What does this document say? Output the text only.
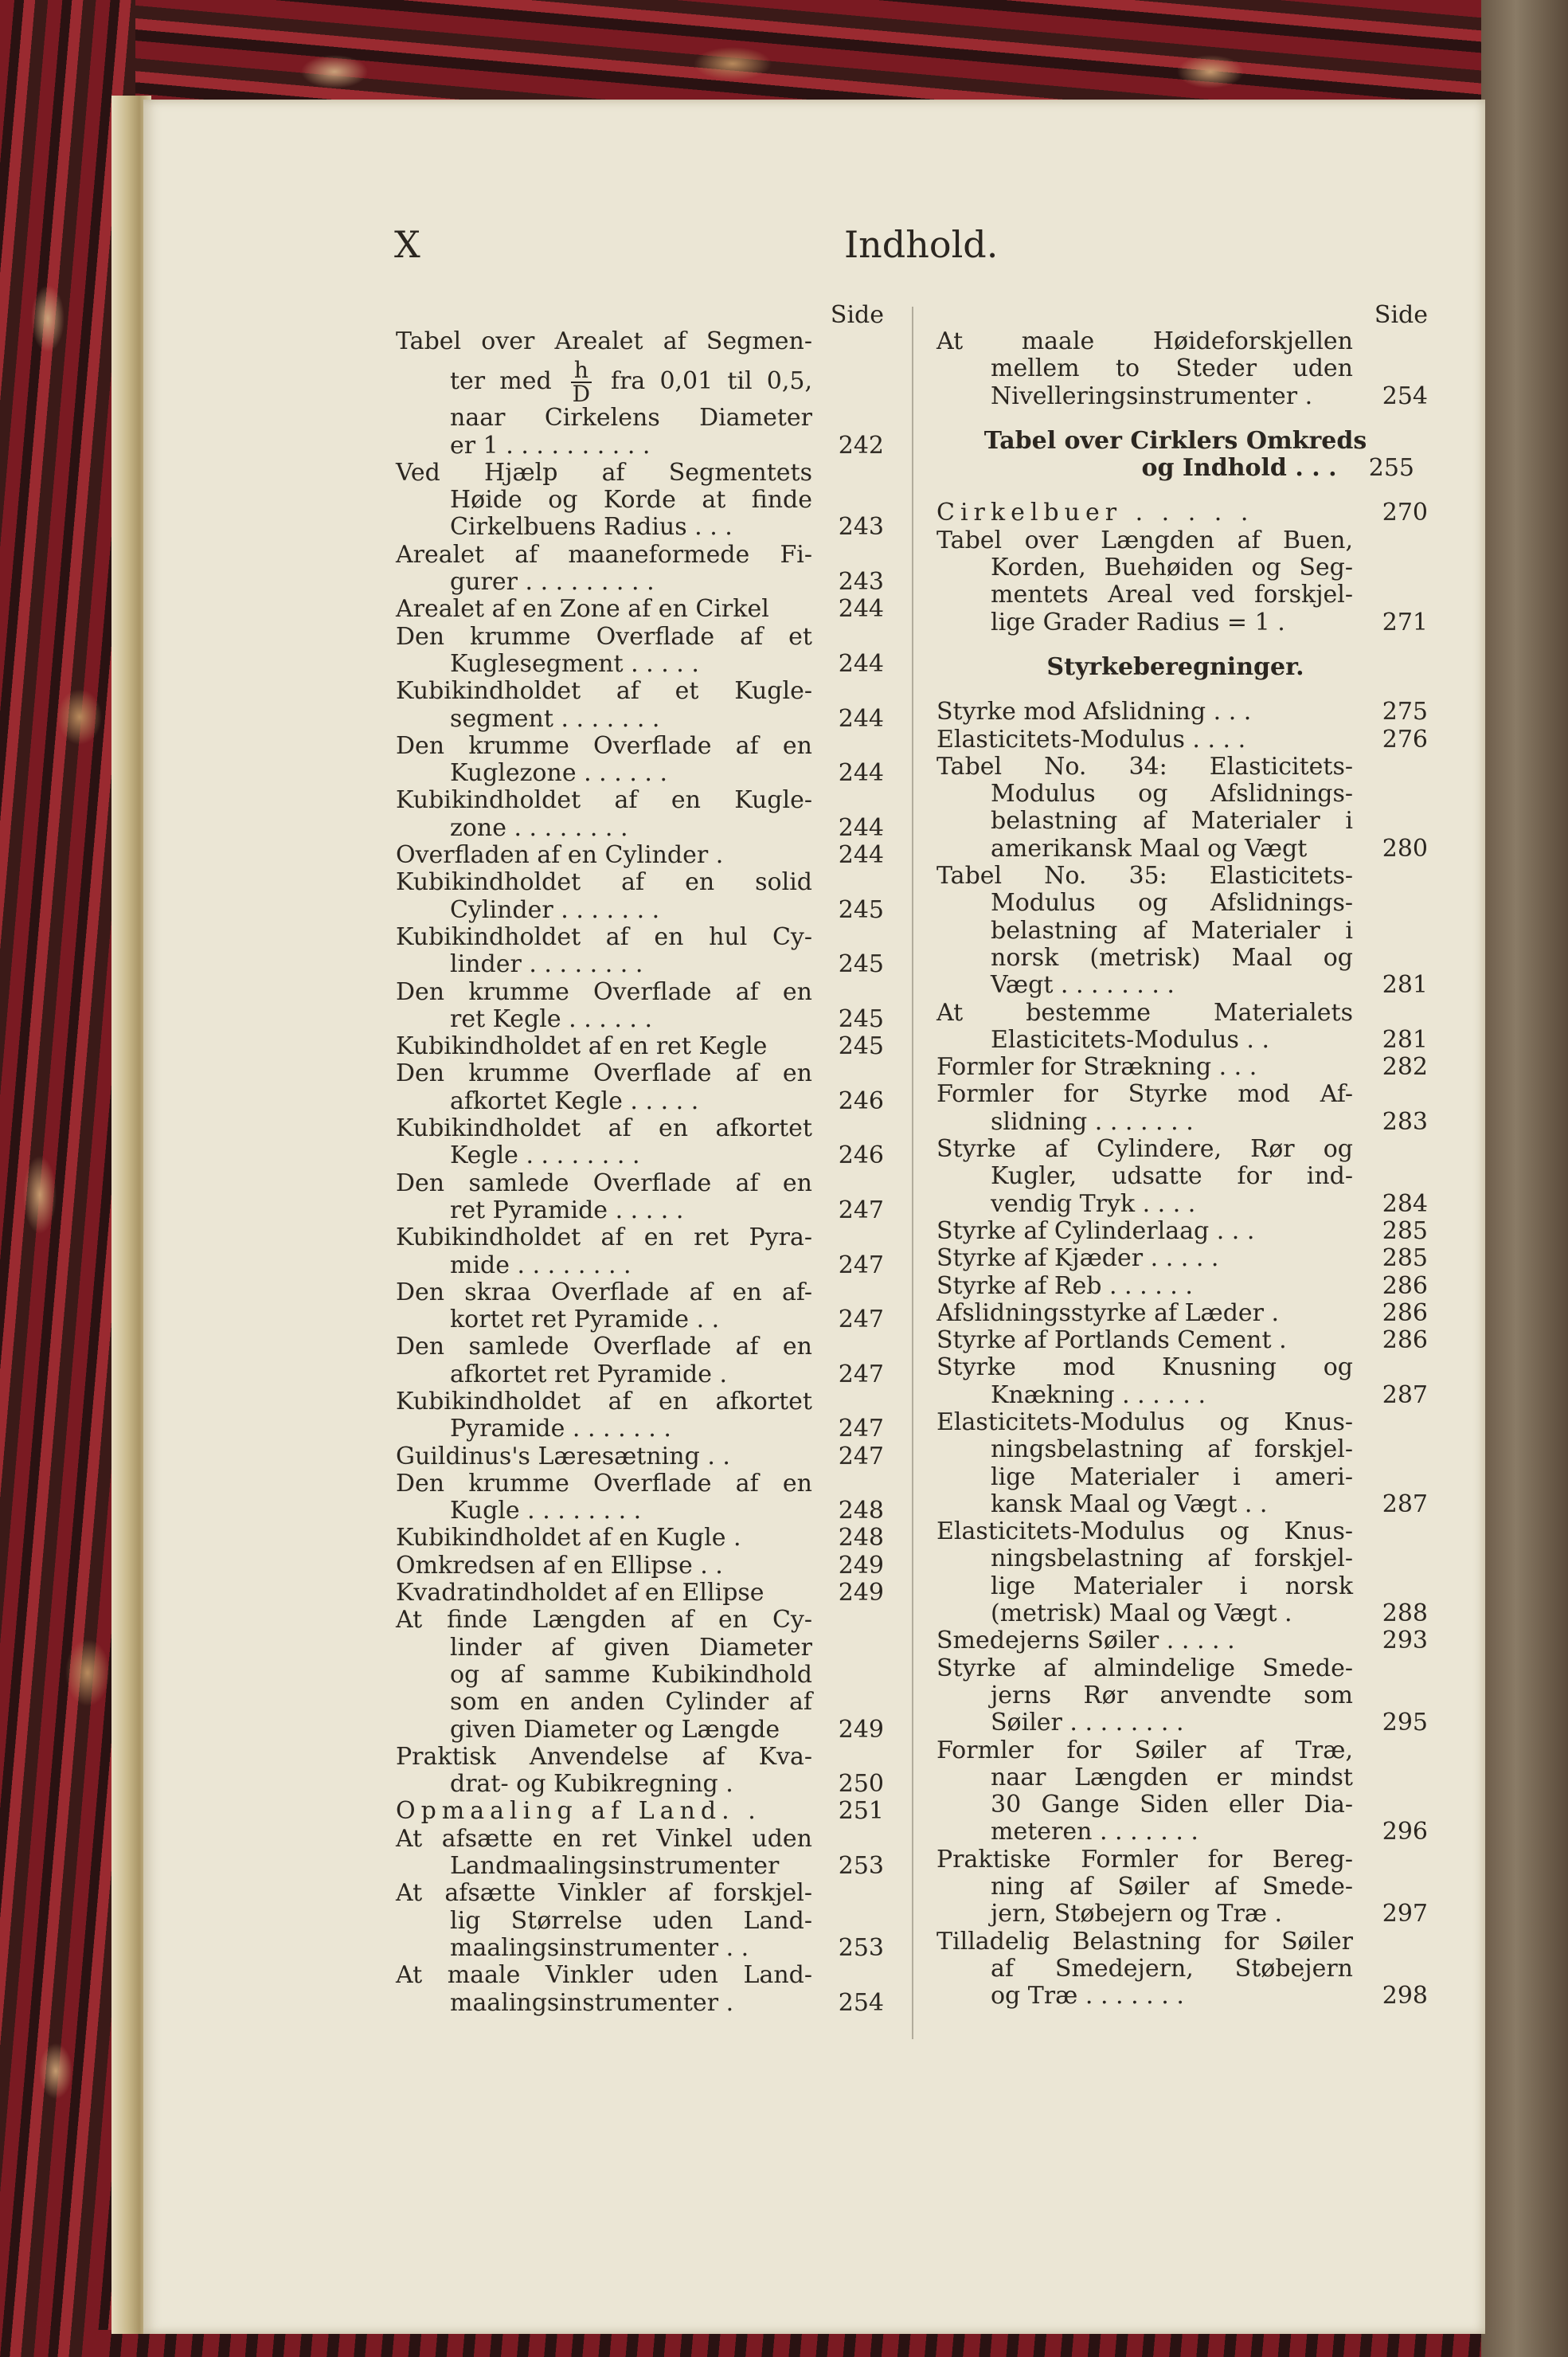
X	Indhold.
Side	Side
Tabel over Arealet af Segmen-
ter med $\frac{h}{D}$ fra 0,01 til 0,5,
naar Cirkelens Diameter
er 1 . . . . . . . . . .	242
Ved Hjælp af Segmentets
Høide og Korde at finde
Cirkelbuens Radius . . .	243
Arealet af maaneformede Fi-
gurer . . . . . . . . .	243
Arealet af en Zone af en Cirkel	244
Den krumme Overflade af et
Kuglesegment . . . . .	244
Kubikindholdet af et Kugle-
segment . . . . . . .	244
Den krumme Overflade af en
Kuglezone . . . . . .	244
Kubikindholdet af en Kugle-
zone . . . . . . . .	244
Overfladen af en Cylinder .	244
Kubikindholdet af en solid
Cylinder . . . . . . .	245
Kubikindholdet af en hul Cy-
linder . . . . . . . .	245
Den krumme Overflade af en
ret Kegle . . . . . .	245
Kubikindholdet af en ret Kegle	245
Den krumme Overflade af en
afkortet Kegle . . . . .	246
Kubikindholdet af en afkortet
Kegle . . . . . . . .	246
Den samlede Overflade af en
ret Pyramide . . . . .	247
Kubikindholdet af en ret Pyra-
mide . . . . . . . .	247
Den skraa Overflade af en af-
kortet ret Pyramide . .	247
Den samlede Overflade af en
afkortet ret Pyramide .	247
Kubikindholdet af en afkortet
Pyramide . . . . . . .	247
Guildinus's Læresætning . .	247
Den krumme Overflade af en
Kugle . . . . . . . .	248
Kubikindholdet af en Kugle .	248
Omkredsen af en Ellipse . .	249
Kvadratindholdet af en Ellipse	249
At finde Længden af en Cy-
linder af given Diameter
og af samme Kubikindhold
som en anden Cylinder af
given Diameter og Længde	249
Praktisk Anvendelse af Kva-
drat- og Kubikregning .	250
Opmaaling af Land. .	251
At afsætte en ret Vinkel uden
Landmaalingsinstrumenter	253
At afsætte Vinkler af forskjel-
lig Størrelse uden Land-
maalingsinstrumenter . .	253
At maale Vinkler uden Land-
maalingsinstrumenter .	254
At maale Høideforskjellen
mellem to Steder uden
Nivelleringsinstrumenter .	254
Tabel over Cirklers Omkreds
og Indhold . . .	255
Cirkelbuer . . . . .	270
Tabel over Længden af Buen,
Korden, Buehøiden og Seg-
mentets Areal ved forskjel-
lige Grader Radius = 1 .	271
Styrkeberegninger.
Styrke mod Afslidning . . .	275
Elasticitets-Modulus . . . .	276
Tabel No. 34: Elasticitets-
Modulus og Afslidnings-
belastning af Materialer i
amerikansk Maal og Vægt	280
Tabel No. 35: Elasticitets-
Modulus og Afslidnings-
belastning af Materialer i
norsk (metrisk) Maal og
Vægt . . . . . . . .	281
At bestemme Materialets
Elasticitets-Modulus . .	281
Formler for Strækning . . .	282
Formler for Styrke mod Af-
slidning . . . . . . .	283
Styrke af Cylindere, Rør og
Kugler, udsatte for ind-
vendig Tryk . . . .	284
Styrke af Cylinderlaag . . .	285
Styrke af Kjæder . . . . .	285
Styrke af Reb . . . . . .	286
Afslidningsstyrke af Læder .	286
Styrke af Portlands Cement .	286
Styrke mod Knusning og
Knækning . . . . . .	287
Elasticitets-Modulus og Knus-
ningsbelastning af forskjel-
lige Materialer i ameri-
kansk Maal og Vægt . .	287
Elasticitets-Modulus og Knus-
ningsbelastning af forskjel-
lige Materialer i norsk
(metrisk) Maal og Vægt .	288
Smedejerns Søiler . . . . .	293
Styrke af almindelige Smede-
jerns Rør anvendte som
Søiler . . . . . . . .	295
Formler for Søiler af Træ,
naar Længden er mindst
30 Gange Siden eller Dia-
meteren . . . . . . .	296
Praktiske Formler for Bereg-
ning af Søiler af Smede-
jern, Støbejern og Træ .	297
Tilladelig Belastning for Søiler
af Smedejern, Støbejern
og Træ . . . . . . .	298
